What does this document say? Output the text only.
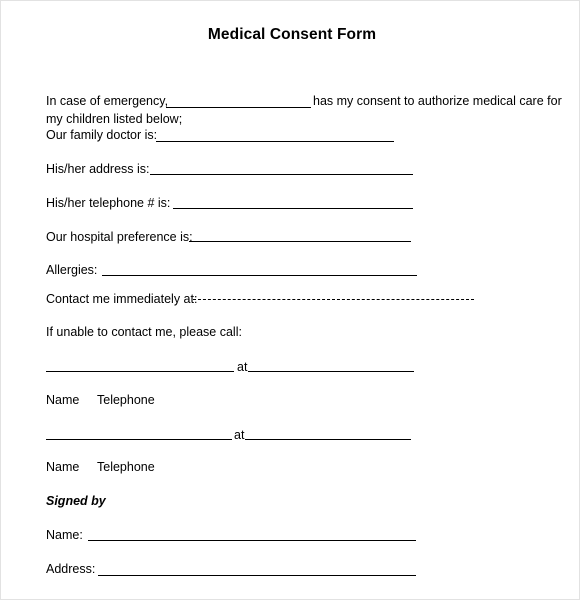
Medical Consent Form
In case of emergency,	has my consent to authorize medical care for
my children listed below;
Our family doctor is:
His/her address is:
His/her telephone # is:
Our hospital preference is:
Allergies:
Contact me immediately at:
If unable to contact me, please call:
at
Name Telephone
at
Name Telephone
Signed by
Name:
Address:
